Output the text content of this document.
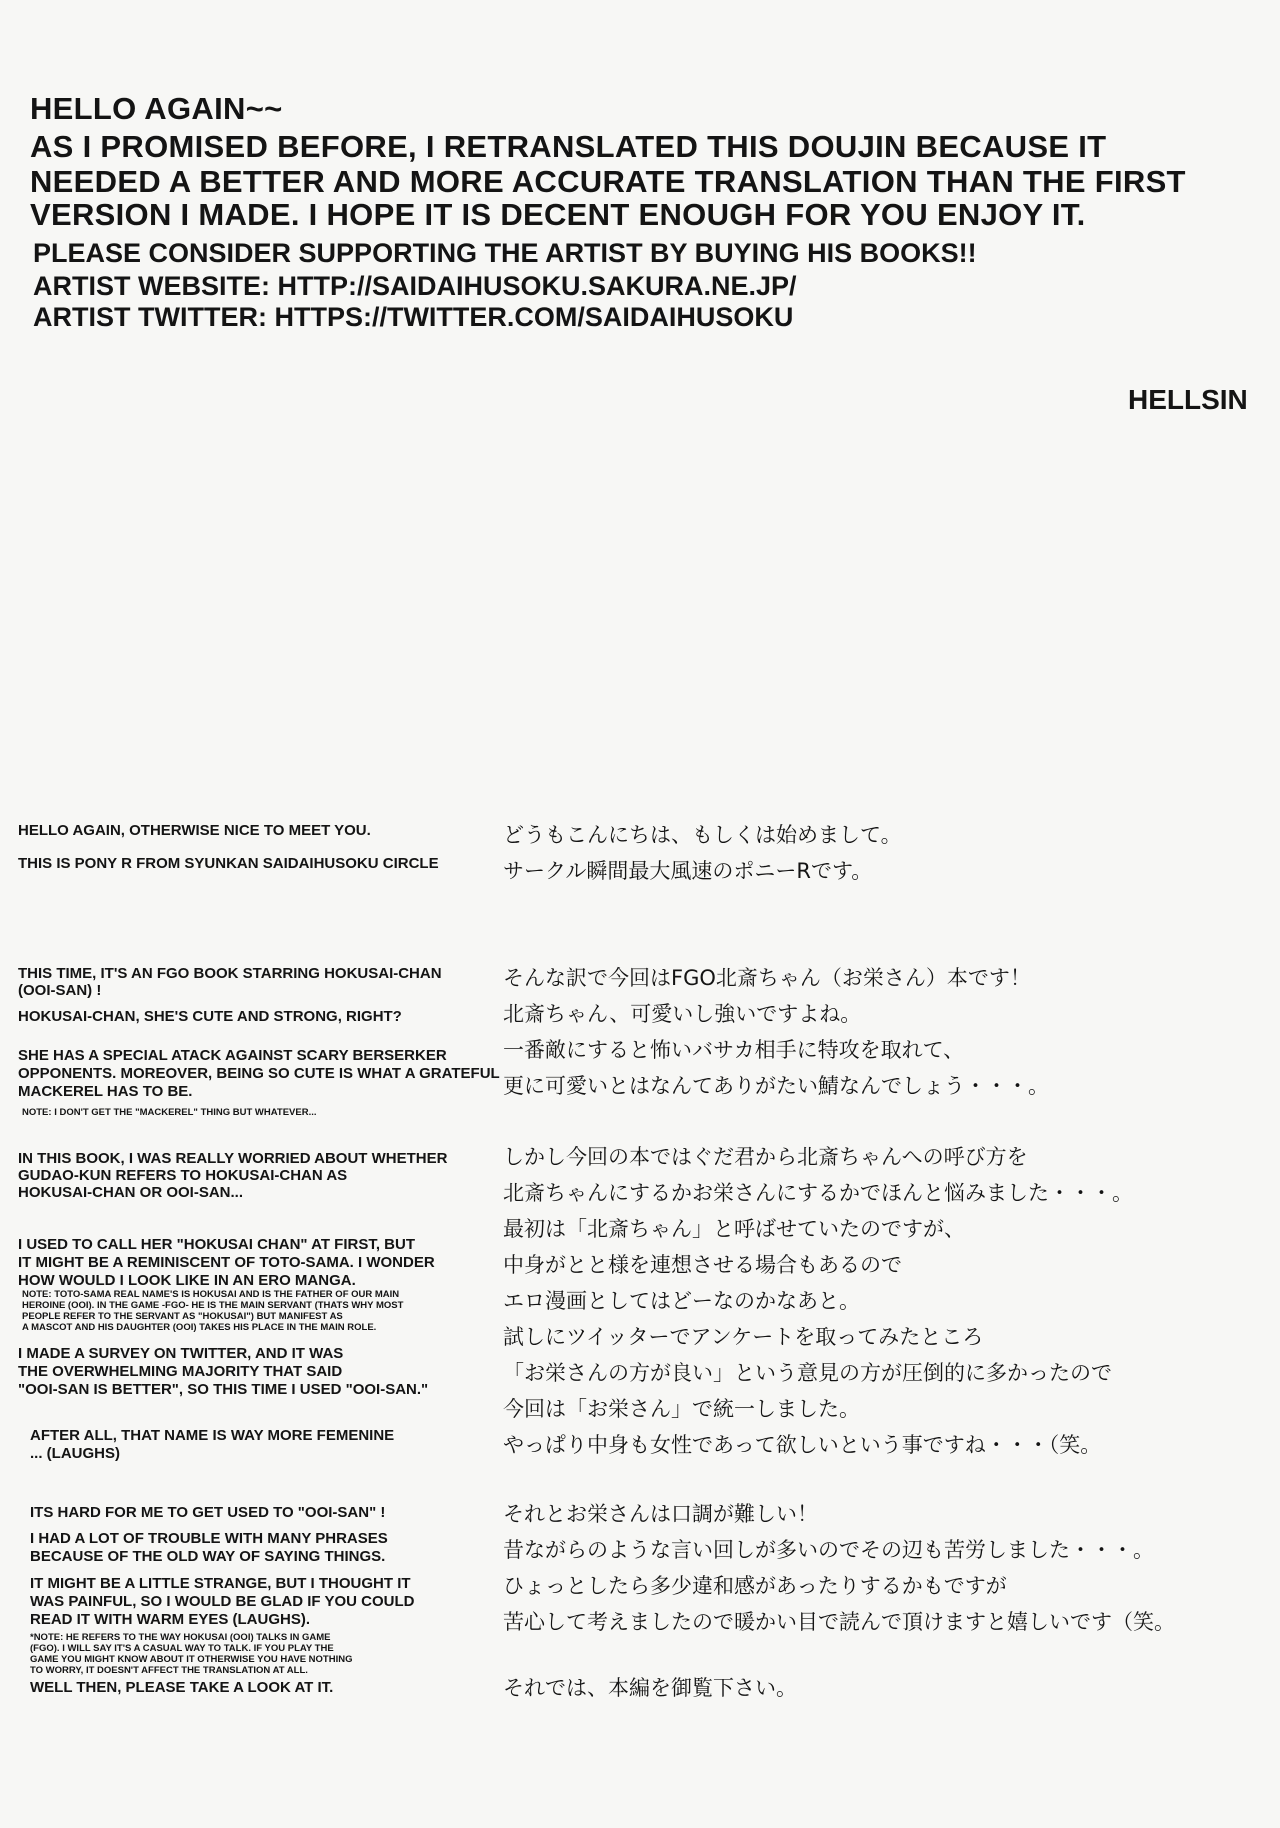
HELLO AGAIN~~
AS I PROMISED BEFORE, I RETRANSLATED THIS DOUJIN BECAUSE IT
NEEDED A BETTER AND MORE ACCURATE TRANSLATION THAN THE FIRST
VERSION I MADE. I HOPE IT IS DECENT ENOUGH FOR YOU ENJOY IT.
PLEASE CONSIDER SUPPORTING THE ARTIST BY BUYING HIS BOOKS!!
ARTIST WEBSITE: HTTP://SAIDAIHUSOKU.SAKURA.NE.JP/
ARTIST TWITTER: HTTPS://TWITTER.COM/SAIDAIHUSOKU
HELLSIN
HELLO AGAIN, OTHERWISE NICE TO MEET YOU.
THIS IS PONY R FROM SYUNKAN SAIDAIHUSOKU CIRCLE
THIS TIME, IT'S AN FGO BOOK STARRING HOKUSAI-CHAN
(OOI-SAN) !
HOKUSAI-CHAN, SHE'S CUTE AND STRONG, RIGHT?
SHE HAS A SPECIAL ATACK AGAINST SCARY BERSERKER
OPPONENTS. MOREOVER, BEING SO CUTE IS WHAT A GRATEFUL
MACKEREL HAS TO BE.
NOTE: I DON'T GET THE "MACKEREL" THING BUT WHATEVER...
IN THIS BOOK, I WAS REALLY WORRIED ABOUT WHETHER
GUDAO-KUN REFERS TO HOKUSAI-CHAN AS
HOKUSAI-CHAN OR OOI-SAN...
I USED TO CALL HER "HOKUSAI CHAN" AT FIRST, BUT
IT MIGHT BE A REMINISCENT OF TOTO-SAMA. I WONDER
HOW WOULD I LOOK LIKE IN AN ERO MANGA.
NOTE: TOTO-SAMA REAL NAME'S IS HOKUSAI AND IS THE FATHER OF OUR MAIN
HEROINE (OOI). IN THE GAME -FGO- HE IS THE MAIN SERVANT (THATS WHY MOST
PEOPLE REFER TO THE SERVANT AS "HOKUSAI") BUT MANIFEST AS
A MASCOT AND HIS DAUGHTER (OOI) TAKES HIS PLACE IN THE MAIN ROLE.
I MADE A SURVEY ON TWITTER, AND IT WAS
THE OVERWHELMING MAJORITY THAT SAID
"OOI-SAN IS BETTER", SO THIS TIME I USED "OOI-SAN."
AFTER ALL, THAT NAME IS WAY MORE FEMENINE
... (LAUGHS)
ITS HARD FOR ME TO GET USED TO "OOI-SAN" !
I HAD A LOT OF TROUBLE WITH MANY PHRASES
BECAUSE OF THE OLD WAY OF SAYING THINGS.
IT MIGHT BE A LITTLE STRANGE, BUT I THOUGHT IT
WAS PAINFUL, SO I WOULD BE GLAD IF YOU COULD
READ IT WITH WARM EYES (LAUGHS).
*NOTE: HE REFERS TO THE WAY HOKUSAI (OOI) TALKS IN GAME
(FGO). I WILL SAY IT'S A CASUAL WAY TO TALK. IF YOU PLAY THE
GAME YOU MIGHT KNOW ABOUT IT OTHERWISE YOU HAVE NOTHING
TO WORRY, IT DOESN'T AFFECT THE TRANSLATION AT ALL.
WELL THEN, PLEASE TAKE A LOOK AT IT.
どうもこんにちは、もしくは始めまして。
サークル瞬間最大風速のポニーRです。
そんな訳で今回はFGO北斎ちゃん（お栄さん）本です！
北斎ちゃん、可愛いし強いですよね。
一番敵にすると怖いバサカ相手に特攻を取れて、
更に可愛いとはなんてありがたい鯖なんでしょう・・・。
しかし今回の本ではぐだ君から北斎ちゃんへの呼び方を
北斎ちゃんにするかお栄さんにするかでほんと悩みました・・・。
最初は「北斎ちゃん」と呼ばせていたのですが、
中身がとと様を連想させる場合もあるので
エロ漫画としてはどーなのかなあと。
試しにツイッターでアンケートを取ってみたところ
「お栄さんの方が良い」という意見の方が圧倒的に多かったので
今回は「お栄さん」で統一しました。
やっぱり中身も女性であって欲しいという事ですね・・・（笑。
それとお栄さんは口調が難しい！
昔ながらのような言い回しが多いのでその辺も苦労しました・・・。
ひょっとしたら多少違和感があったりするかもですが
苦心して考えましたので暖かい目で読んで頂けますと嬉しいです（笑。
それでは、本編を御覧下さい。
